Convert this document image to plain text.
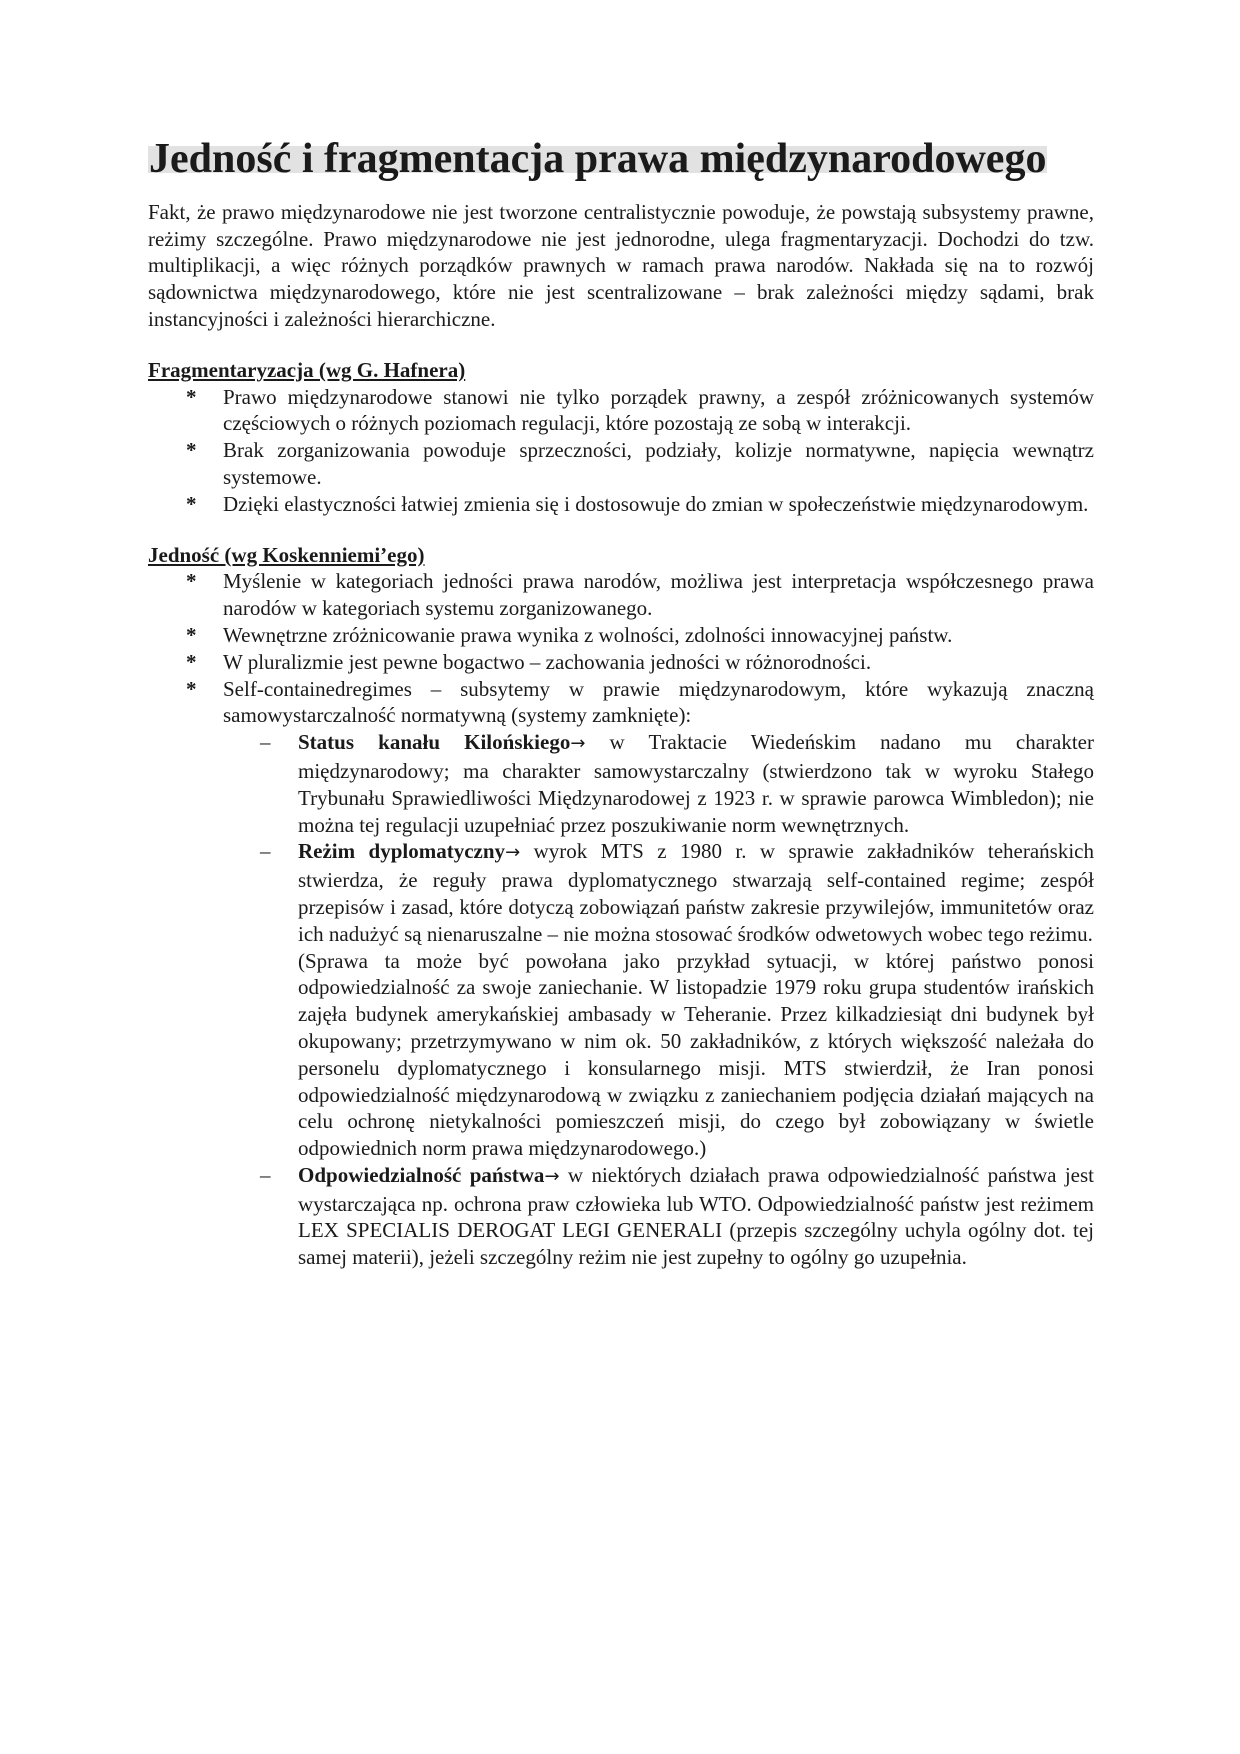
Jedność i fragmentacja prawa międzynarodowego

Fakt, że prawo międzynarodowe nie jest tworzone centralistycznie powoduje, że powstają subsystemy prawne, reżimy szczególne. Prawo międzynarodowe nie jest jednorodne, ulega fragmentaryzacji. Dochodzi do tzw. multiplikacji, a więc różnych porządków prawnych w ramach prawa narodów. Nakłada się na to rozwój sądownictwa międzynarodowego, które nie jest scentralizowane – brak zależności między sądami, brak instancyjności i zależności hierarchiczne.

Fragmentaryzacja (wg G. Hafnera)
* Prawo międzynarodowe stanowi nie tylko porządek prawny, a zespół zróżnicowanych systemów częściowych o różnych poziomach regulacji, które pozostają ze sobą w interakcji.
* Brak zorganizowania powoduje sprzeczności, podziały, kolizje normatywne, napięcia wewnątrz systemowe.
* Dzięki elastyczności łatwiej zmienia się i dostosowuje do zmian w społeczeństwie międzynarodowym.
Jedność (wg Koskenniemi’ego)
* Myślenie w kategoriach jedności prawa narodów, możliwa jest interpretacja współczesnego prawa narodów w kategoriach systemu zorganizowanego.
* Wewnętrzne zróżnicowanie prawa wynika z wolności, zdolności innowacyjnej państw.
* W pluralizmie jest pewne bogactwo – zachowania jedności w różnorodności.
* Self-containedregimes – subsytemy w prawie międzynarodowym, które wykazują znaczną samowystarczalność normatywną (systemy zamknięte):
– Status kanału Kilońskiego→ w Traktacie Wiedeńskim nadano mu charakter międzynarodowy; ma charakter samowystarczalny (stwierdzono tak w wyroku Stałego Trybunału Sprawiedliwości Międzynarodowej z 1923 r. w sprawie parowca Wimbledon); nie można tej regulacji uzupełniać przez poszukiwanie norm wewnętrznych.
– Reżim dyplomatyczny→ wyrok MTS z 1980 r. w sprawie zakładników teherańskich stwierdza, że reguły prawa dyplomatycznego stwarzają self-contained regime; zespół przepisów i zasad, które dotyczą zobowiązań państw zakresie przywilejów, immunitetów oraz ich nadużyć są nienaruszalne – nie można stosować środków odwetowych wobec tego reżimu.

(Sprawa ta może być powołana jako przykład sytuacji, w której państwo ponosi odpowiedzialność za swoje zaniechanie. W listopadzie 1979 roku grupa studentów irańskich zajęła budynek amerykańskiej ambasady w Teheranie. Przez kilkadziesiąt dni budynek był okupowany; przetrzymywano w nim ok. 50 zakładników, z których większość należała do personelu dyplomatycznego i konsularnego misji. MTS stwierdził, że Iran ponosi odpowiedzialność międzynarodową w związku z zaniechaniem podjęcia działań mających na celu ochronę nietykalności pomieszczeń misji, do czego był zobowiązany w świetle odpowiednich norm prawa międzynarodowego.)

– Odpowiedzialność państwa→ w niektórych działach prawa odpowiedzialność państwa jest wystarczająca np. ochrona praw człowieka lub WTO. Odpowiedzialność państw jest reżimem LEX SPECIALIS DEROGAT LEGI GENERALI (przepis szczególny uchyla ogólny dot. tej samej materii), jeżeli szczególny reżim nie jest zupełny to ogólny go uzupełnia.
